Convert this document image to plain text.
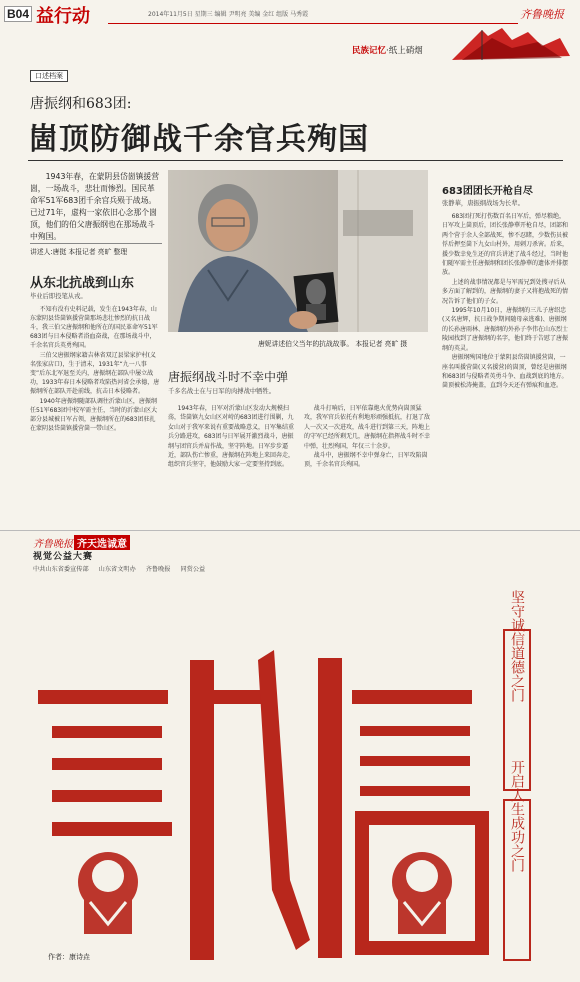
B04 益行动	2014年11月5日 星期三 编辑 尹明亮 美编 金红 组版 马秀霞	齐鲁晚报
民族记忆·纸上硝烟
口述档案
唐振纲和683团:
崮顶防御战千余官兵殉国
1943年春，在蒙阴县岱崮镇援营崮，一场战斗，悲壮而惨烈。国民革命军51军683团千余官兵殒于战场。已过71年，虚构一家依旧心念那个崮顶，他们的伯父唐振纲也在那场战斗中殉国。
讲述人:唐挺 本报记者 亮旷 整理
从东北抗战到山东
毕业后即投笔从戎。

不知有没有史料记载，发生在1943年春，山东蒙阴县岱崮镇援营崮那场悲壮惨烈的抗日战斗，我三伯父唐振纲和他所在的国民革命军51军683团与日本侵略者浴血奋战，在那场战斗中，千余名官兵英勇殉国。

三伯父唐振纲家籍吉林省双辽县梁家护村(义名张家店口)，生于清末，1931年“九一八事变”后东北军退至关内，唐振纲在部队中屡立战功，1933年春日本侵略者攻陷热河省会承德，唐振纲所在部队开赴前线，抗击日本侵略者。

1940年唐振纲随部队调往沂蒙山区，唐振纲任51军683团中校军需主任，当时的沂蒙山区大部分县城被日军占领，唐振纲所在的683团驻扎在蒙阴县岱崮镇援营崮一带山区。

唐妮讲述伯父当年的抗战故事。 本报记者 亮旷 摄
唐振纲战斗时不幸中弹
千多名战士在与日军的肉搏战中牺牲。

1943年春，日军对沂蒙山区发动大规模扫荡，岱崮镇九女山区对峙的683团进行围剿，九女山对于我军来说有重要战略意义，日军集结重兵分路进攻，683团与日军展开激烈战斗，唐振纲与团官兵并肩作战，坚守阵地。日军步步逼近，部队伤亡惨重，唐振纲在阵地上来回奔走，组织官兵坚守，他鼓励大家一定要坚持到底。

战斗打响后，日军依靠炮火优势向崮顶猛攻，我军官兵依托有利地形顽强抵抗，打退了敌人一次又一次进攻，战斗进行到第三天，阵地上的守军已经所剩无几，唐振纲在指挥战斗时不幸中弹，壮烈殉国，年仅三十余岁。

战斗中，唐振纲不幸中弹身亡，日军攻陷崮顶，千余名官兵殉国。

683团团长开枪自尽
张静華，唐振纲战场为长辈。

683团打死打伤数百名日军后，弹尽粮绝，日军攻上崮顶后，团长张静華开枪自尽，团部和两个营于余人全部战死，惨不忍睹，少数伤员被俘后押至崮下九女山村外，用刺刀杀害。后来，援少数幸免生还的官兵讲述了战斗经过，当时他们随军需主任唐振纲和团长张静華的遗体并排摆放。

上述的战事情况都是与军需兄到处搜寻后从多方面了解到的，唐振纲的妻子又将抱战死的情况告诉了他们的子女。

1995年10月10日，唐振纲的三儿子唐绍忠(又名唐辉，抗日战争期间随母亲逃难)、唐振纲的长孙唐雨林、唐振纲的外孙子李伟在山东烈士陵园找到了唐振纲的名字，他们终于告慰了唐振纲的英灵。

唐振纲殉国地位于蒙阴县岱崮镇援营崮，一座名叫援营崮(又名援营)的崮顶，曾经是唐振纲和683团与侵略者英勇斗争、血战到底的地方。崮顶被松涛掩盖，直到今天还有弹痕和血迹。

齐鲁晚报 齐天选诚意
视觉公益大赛
中共山东省委宣传部 山东省文明办 齐鲁晚报 同赏公益
坚守诚信道德之门
开启人生成功之门
诚	信
作者：康诗垚
